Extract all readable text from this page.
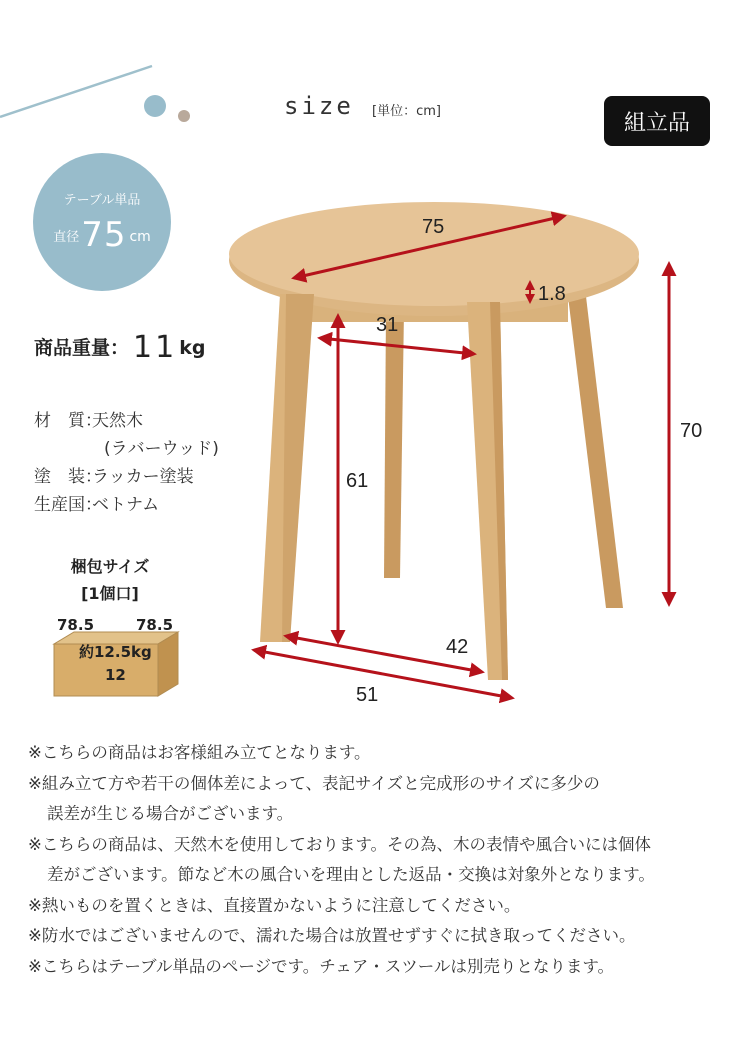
size [単位：cm]	組立品
テーブル単品
直径75 cm
商品重量： 11 kg
材　質：天然木
(ラバーウッド)
塗　装：ラッカー塗装
生産国：ベトナム
梱包サイズ
[1個口]
78.5	78.5
約12.5kg
12
75
1.8
31
70
61
42
51
※こちらの商品はお客様組み立てとなります。
※組み立て方や若干の個体差によって、表記サイズと完成形のサイズに多少の
誤差が生じる場合がございます。
※こちらの商品は、天然木を使用しております。その為、木の表情や風合いには個体
差がございます。節など木の風合いを理由とした返品・交換は対象外となります。
※熱いものを置くときは、直接置かないように注意してください。
※防水ではございませんので、濡れた場合は放置せずすぐに拭き取ってください。
※こちらはテーブル単品のページです。チェア・スツールは別売りとなります。
